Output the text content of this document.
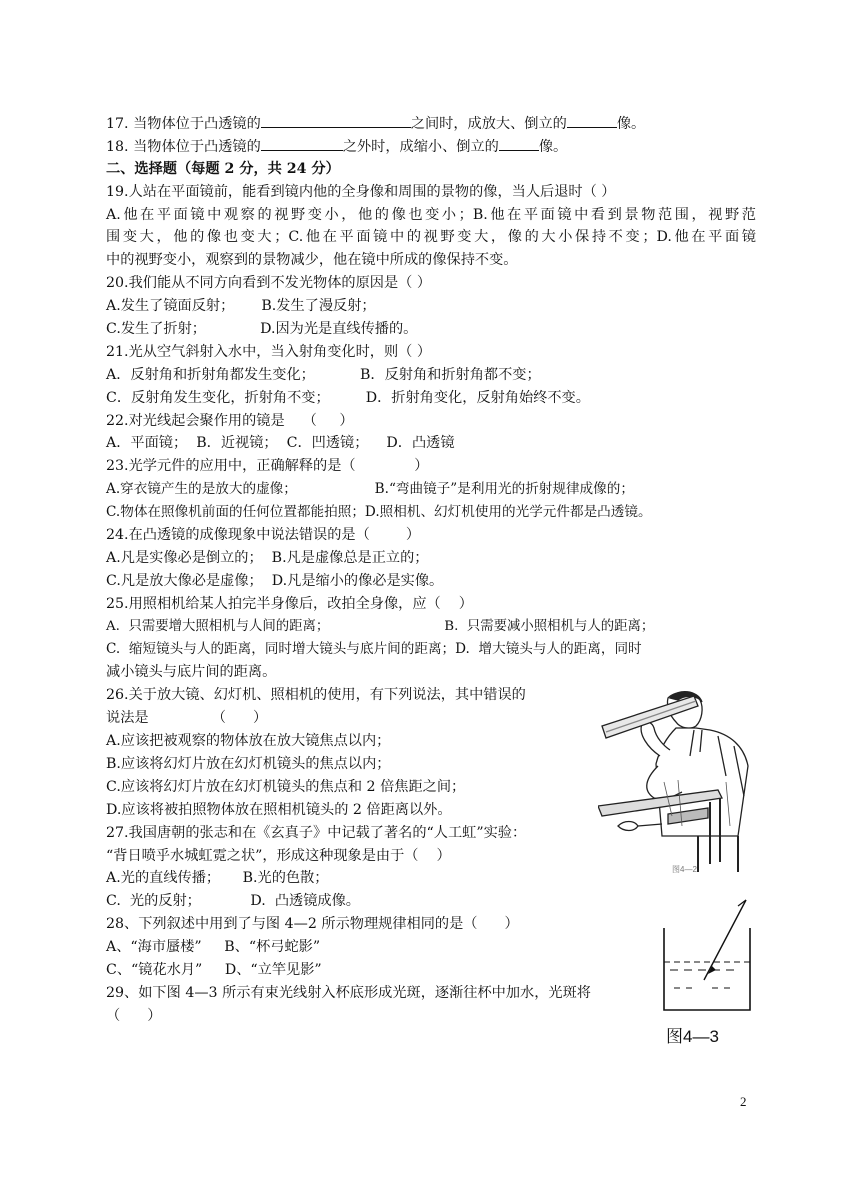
17. 当物体位于凸透镜的	之间时，成放大、倒立的	像。
18. 当物体位于凸透镜的	之外时，成缩小、倒立的	像。
二、选择题（每题 2 分，共 24 分）
19.人站在平面镜前，能看到镜内他的全身像和周围的景物的像，当人后退时（ ）
A.他在平面镜中观察的视野变小，他的像也变小；B.他在平面镜中看到景物范围，视野范
围变大，他的像也变大；C.他在平面镜中的视野变大，像的大小保持不变；D.他在平面镜
中的视野变小，观察到的景物减少，他在镜中所成的像保持不变。
20.我们能从不同方向看到不发光物体的原因是（ ）
A.发生了镜面反射；      B.发生了漫反射；
C.发生了折射；            D.因为光是直线传播的。
21.光从空气斜射入水中，当入射角变化时，则（ ）
A．反射角和折射角都发生变化；          B．反射角和折射角都不变；
C．反射角发生变化，折射角不变；        D．折射角变化，反射角始终不变。
22.对光线起会聚作用的镜是    （     ）
A．平面镜；  B．近视镜；  C．凹透镜；    D．凸透镜
23.光学元件的应用中，正确解释的是（             ）
A.穿衣镜产生的是放大的虚像；                  B.“弯曲镜子”是利用光的折射规律成像的；
C.物体在照像机前面的任何位置都能拍照；D.照相机、幻灯机使用的光学元件都是凸透镜。
24.在凸透镜的成像现象中说法错误的是（        ）
A.凡是实像必是倒立的；  B.凡是虚像总是正立的；
C.凡是放大像必是虚像；  D.凡是缩小的像必是实像。
25.用照相机给某人拍完半身像后，改拍全身像，应（    ）
A.  只需要增大照相机与人间的距离；                           B.  只需要减小照相机与人的距离；
C.  缩短镜头与人的距离，同时增大镜头与底片间的距离；D.  增大镜头与人的距离，同时
减小镜头与底片间的距离。
26.关于放大镜、幻灯机、照相机的使用，有下列说法，其中错误的
说法是              （      ）
A.应该把被观察的物体放在放大镜焦点以内；
B.应该将幻灯片放在幻灯机镜头的焦点以内；
C.应该将幻灯片放在幻灯机镜头的焦点和 2 倍焦距之间；
D.应该将被拍照物体放在照相机镜头的 2 倍距离以外。
27.我国唐朝的张志和在《玄真子》中记载了著名的“人工虹”实验：
“背日喷乎水城虹霓之状”，形成这种现象是由于（    ）
A.光的直线传播；     B.光的色散；
C.  光的反射；           D.  凸透镜成像。
28、下列叙述中用到了与图 4—2 所示物理规律相同的是（      ）
A、“海市蜃楼”     B、“杯弓蛇影”
C、“镜花水月”     D、“立竿见影”
29、如下图 4—3 所示有束光线射入杯底形成光斑，逐渐往杯中加水，光斑将
（      ）
图4—2
图4—3
2
